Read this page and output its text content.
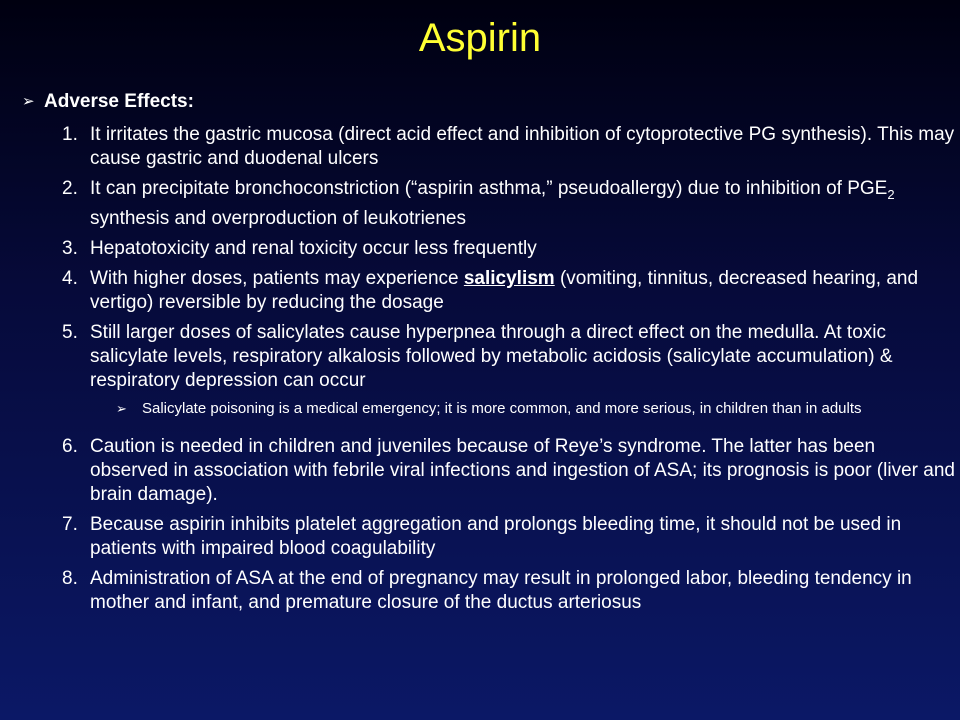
Aspirin
➢ Adverse Effects:
1. It irritates the gastric mucosa (direct acid effect and inhibition of cytoprotective PG synthesis). This may cause gastric and duodenal ulcers
2. It can precipitate bronchoconstriction (“aspirin asthma,” pseudoallergy) due to inhibition of $PGE_2$ synthesis and overproduction of leukotrienes
3. Hepatotoxicity and renal toxicity occur less frequently
4. With higher doses, patients may experience salicylism (vomiting, tinnitus, decreased hearing, and vertigo) reversible by reducing the dosage
5. Still larger doses of salicylates cause hyperpnea through a direct effect on the medulla. At toxic salicylate levels, respiratory alkalosis followed by metabolic acidosis (salicylate accumulation) & respiratory depression can occur
➢	Salicylate poisoning is a medical emergency; it is more common, and more serious, in children than in adults
6. Caution is needed in children and juveniles because of Reye’s syndrome. The latter has been observed in association with febrile viral infections and ingestion of ASA; its prognosis is poor (liver and brain damage).
7. Because aspirin inhibits platelet aggregation and prolongs bleeding time, it should not be used in patients with impaired blood coagulability
8. Administration of ASA at the end of pregnancy may result in prolonged labor, bleeding tendency in mother and infant, and premature closure of the ductus arteriosus
